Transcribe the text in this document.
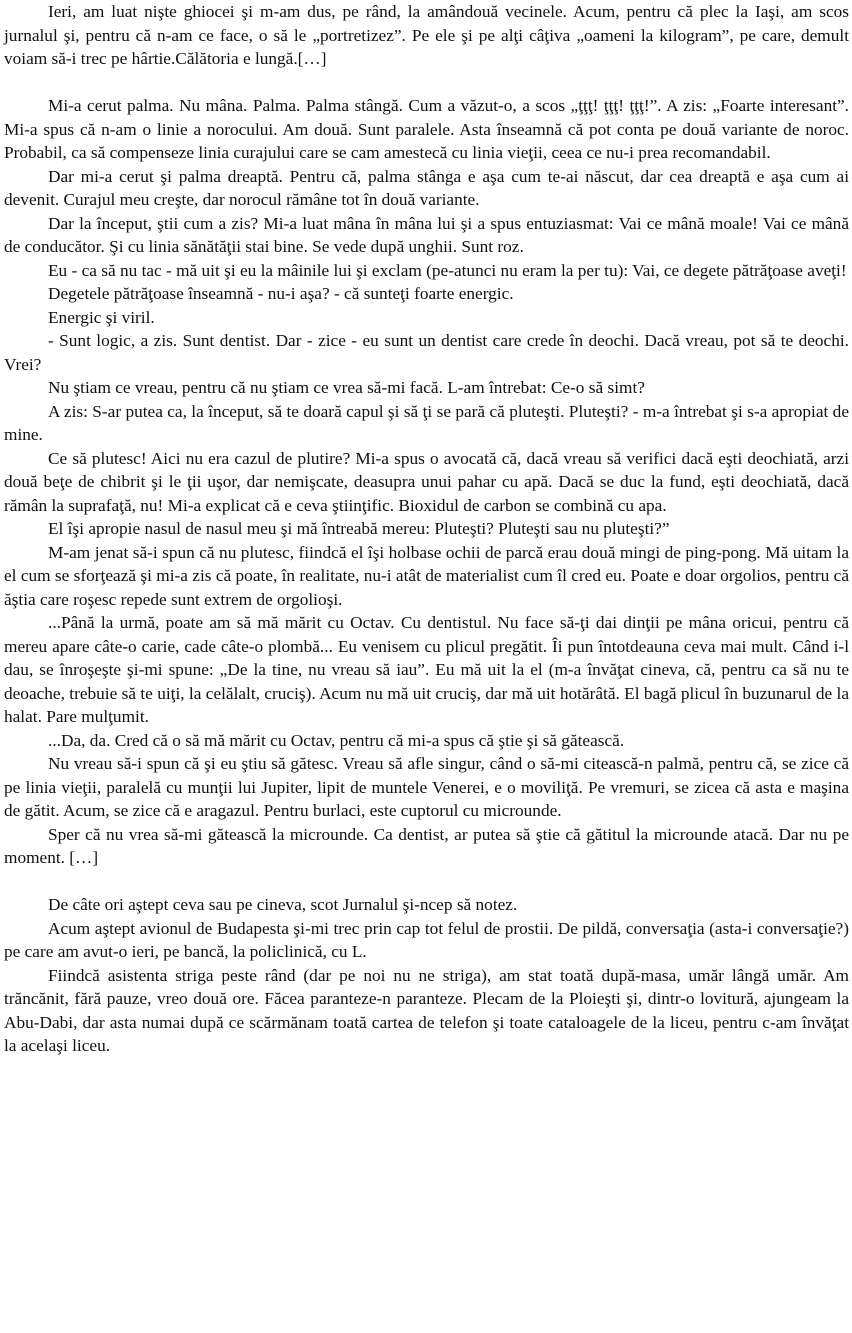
Ieri, am luat nişte ghiocei şi m-am dus, pe rând, la amândouă vecinele. Acum, pentru că plec la Iaşi, am scos jurnalul şi, pentru că n-am ce face, o să le „portretizez”. Pe ele şi pe alţi câţiva „oameni la kilogram”, pe care, demult voiam să-i trec pe hârtie.Călătoria e lungă.[…]

Mi-a cerut palma. Nu mâna. Palma. Palma stângă. Cum a văzut-o, a scos „ţţţ! ţţţ! ţţţ!”. A zis: „Foarte interesant”. Mi-a spus că n-am o linie a norocului. Am două. Sunt paralele. Asta înseamnă că pot conta pe două variante de noroc. Probabil, ca să compenseze linia curajului care se cam amestecă cu linia vieţii, ceea ce nu-i prea recomandabil.

Dar mi-a cerut şi palma dreaptă. Pentru că, palma stânga e aşa cum te-ai născut, dar cea dreaptă e aşa cum ai devenit. Curajul meu creşte, dar norocul rămâne tot în două variante.

Dar la început, ştii cum a zis? Mi-a luat mâna în mâna lui şi a spus entuziasmat: Vai ce mână moale! Vai ce mână de conducător. Şi cu linia sănătăţii stai bine. Se vede după unghii. Sunt roz.

Eu - ca să nu tac - mă uit şi eu la mâinile lui şi exclam (pe-atunci nu eram la per tu): Vai, ce degete pătrăţoase aveţi!

Degetele pătrăţoase înseamnă - nu-i aşa? - că sunteţi foarte energic.

Energic şi viril.

- Sunt logic, a zis. Sunt dentist. Dar - zice - eu sunt un dentist care crede în deochi. Dacă vreau, pot să te deochi. Vrei?

Nu ştiam ce vreau, pentru că nu ştiam ce vrea să-mi facă. L-am întrebat: Ce-o să simt?

A zis: S-ar putea ca, la început, să te doară capul şi să ţi se pară că pluteşti. Pluteşti? - m-a întrebat şi s-a apropiat de mine.

Ce să plutesc! Aici nu era cazul de plutire? Mi-a spus o avocată că, dacă vreau să verifici dacă eşti deochiată, arzi două beţe de chibrit şi le ţii uşor, dar nemişcate, deasupra unui pahar cu apă. Dacă se duc la fund, eşti deochiată, dacă rămân la suprafaţă, nu! Mi-a explicat că e ceva ştiinţific. Bioxidul de carbon se combină cu apa.

El îşi apropie nasul de nasul meu şi mă întreabă mereu: Pluteşti? Pluteşti sau nu pluteşti?”

M-am jenat să-i spun că nu plutesc, fiindcă el îşi holbase ochii de parcă erau două mingi de ping-pong. Mă uitam la el cum se sforţează şi mi-a zis că poate, în realitate, nu-i atât de materialist cum îl cred eu. Poate e doar orgolios, pentru că ăştia care roşesc repede sunt extrem de orgolioşi.

...Până la urmă, poate am să mă mărit cu Octav. Cu dentistul. Nu face să-ţi dai dinţii pe mâna oricui, pentru că mereu apare câte-o carie, cade câte-o plombă... Eu venisem cu plicul pregătit. Îi pun întotdeauna ceva mai mult. Când i-l dau, se înroşeşte şi-mi spune: „De la tine, nu vreau să iau”. Eu mă uit la el (m-a învăţat cineva, că, pentru ca să nu te deoache, trebuie să te uiţi, la celălalt, cruciş). Acum nu mă uit cruciş, dar mă uit hotărâtă. El bagă plicul în buzunarul de la halat. Pare mulţumit.

...Da, da. Cred că o să mă mărit cu Octav, pentru că mi-a spus că ştie şi să gătească.

Nu vreau să-i spun că şi eu ştiu să gătesc. Vreau să afle singur, când o să-mi citească-n palmă, pentru că, se zice că pe linia vieţii, paralelă cu munţii lui Jupiter, lipit de muntele Venerei, e o moviliţă. Pe vremuri, se zicea că asta e maşina de gătit. Acum, se zice că e aragazul. Pentru burlaci, este cuptorul cu microunde.

Sper că nu vrea să-mi gătească la microunde. Ca dentist, ar putea să ştie că gătitul la microunde atacă. Dar nu pe moment. […]

De câte ori aştept ceva sau pe cineva, scot Jurnalul şi-ncep să notez.

Acum aştept avionul de Budapesta şi-mi trec prin cap tot felul de prostii. De pildă, conversaţia (asta-i conversaţie?) pe care am avut-o ieri, pe bancă, la policlinică, cu L.

Fiindcă asistenta striga peste rând (dar pe noi nu ne striga), am stat toată după-masa, umăr lângă umăr. Am trăncănit, fără pauze, vreo două ore. Făcea paranteze-n paranteze. Plecam de la Ploieşti şi, dintr-o lovitură, ajungeam la Abu-Dabi, dar asta numai după ce scărmănam toată cartea de telefon şi toate cataloagele de la liceu, pentru c-am învăţat la acelaşi liceu.
